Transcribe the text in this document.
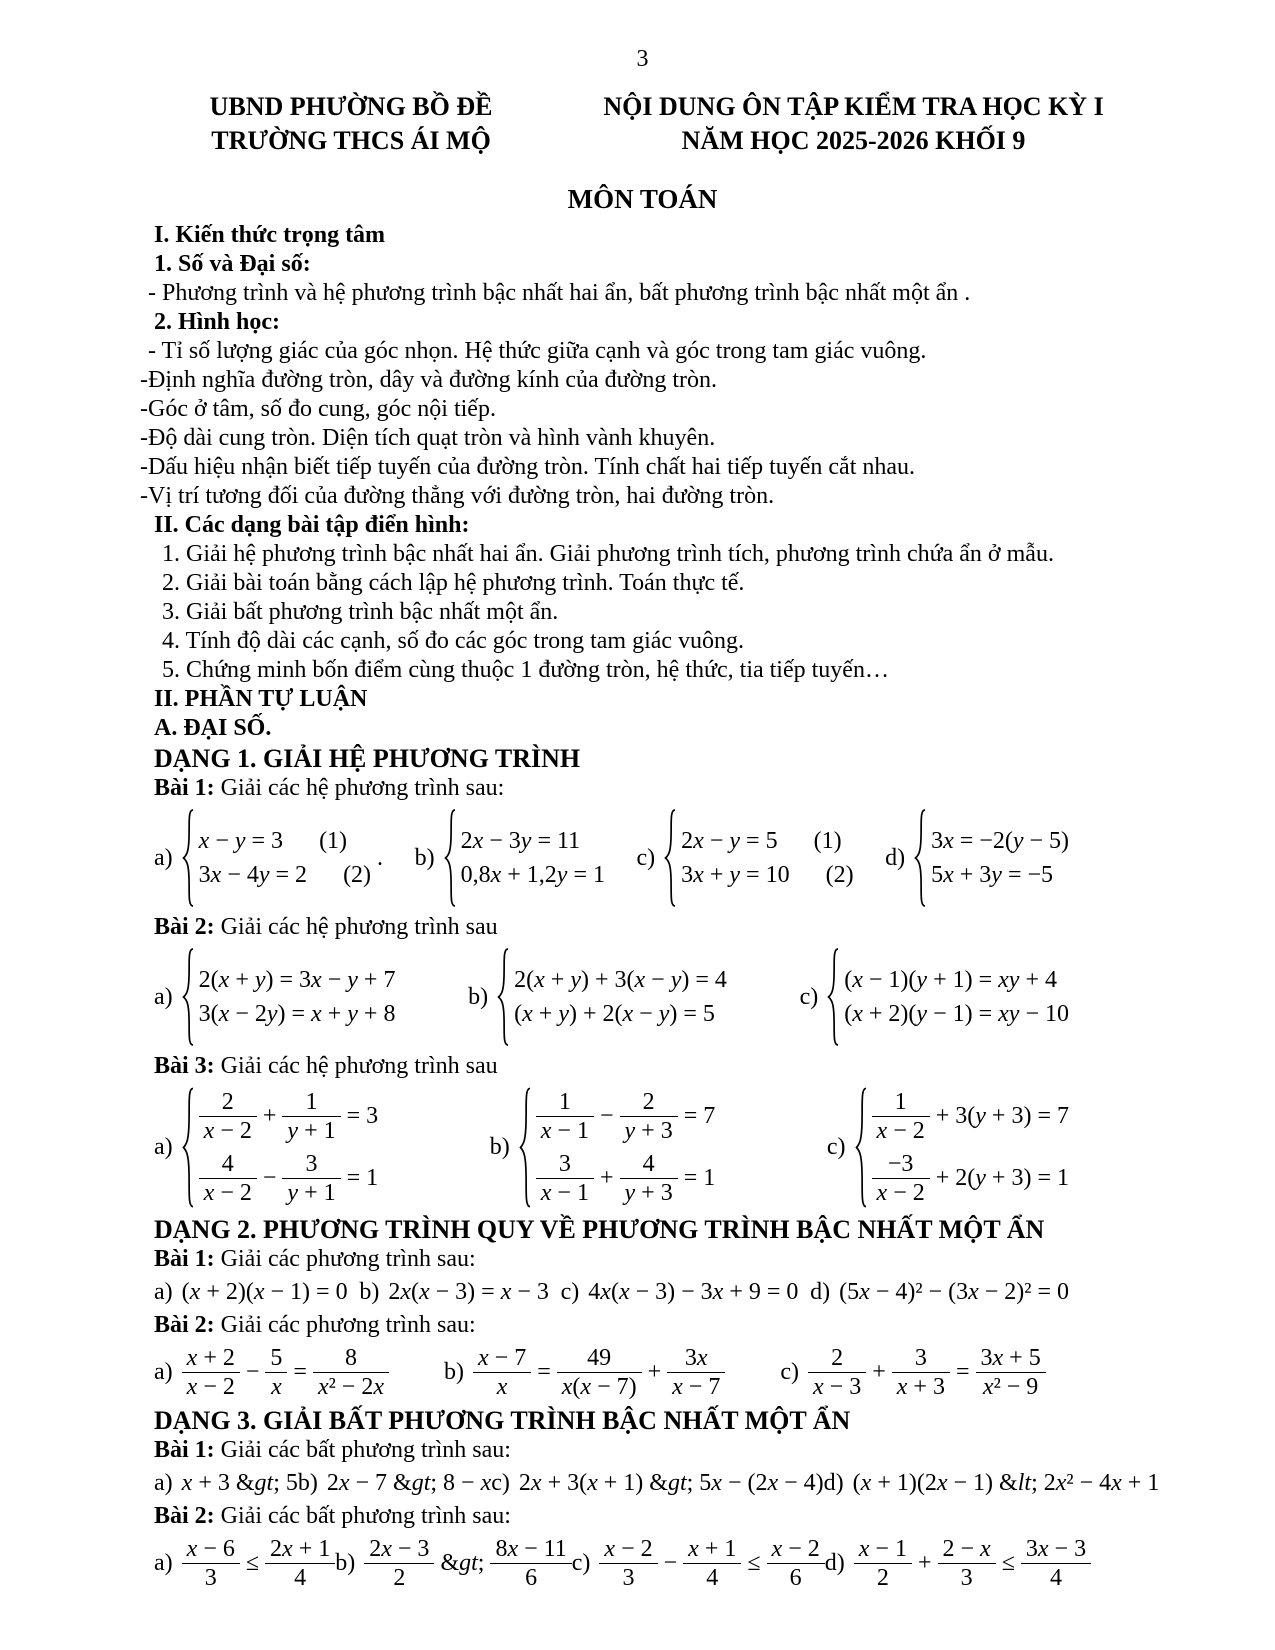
3
UBND PHƯỜNG BỒ ĐỀ
TRƯỜNG THCS ÁI MỘ
NỘI DUNG ÔN TẬP KIỂM TRA HỌC KỲ I
NĂM HỌC 2025-2026 KHỐI 9
MÔN TOÁN
I. Kiến thức trọng tâm
1. Số và Đại số:
- Phương trình và hệ phương trình bậc nhất hai ẩn, bất phương trình bậc nhất một ẩn .
2. Hình học:
- Tỉ số lượng giác của góc nhọn. Hệ thức giữa cạnh và góc trong tam giác vuông.
-Định nghĩa đường tròn, dây và đường kính của đường tròn.
-Góc ở tâm, số đo cung, góc nội tiếp.
-Độ dài cung tròn. Diện tích quạt tròn và hình vành khuyên.
-Dấu hiệu nhận biết tiếp tuyến của đường tròn. Tính chất hai tiếp tuyến cắt nhau.
-Vị trí tương đối của đường thẳng với đường tròn, hai đường tròn.
II. Các dạng bài tập điển hình:
1. Giải hệ phương trình bậc nhất hai ẩn. Giải phương trình tích, phương trình chứa ẩn ở mẫu.
2. Giải bài toán bằng cách lập hệ phương trình. Toán thực tế.
3. Giải bất phương trình bậc nhất một ẩn.
4. Tính độ dài các cạnh, số đo các góc trong tam giác vuông.
5. Chứng minh bốn điểm cùng thuộc 1 đường tròn, hệ thức, tia tiếp tuyến…
II. PHẦN TỰ LUẬN
A. ĐẠI SỐ.
DẠNG 1. GIẢI HỆ PHƯƠNG TRÌNH
Bài 1: Giải các hệ phương trình sau:
a)
x − y = 3 (1)
3x − 4y = 2 (2)
. b)
2x − 3y = 11
0,8x + 1,2y = 1
c)
2x − y = 5 (1)
3x + y = 10 (2)
d)
3x = −2(y − 5)
5x + 3y = −5
Bài 2: Giải các hệ phương trình sau
a)
2(x + y) = 3x − y + 7
3(x − 2y) = x + y + 8
b)
2(x + y) + 3(x − y) = 4
(x + y) + 2(x − y) = 5
c)
(x − 1)(y + 1) = xy + 4
(x + 2)(y − 1) = xy − 10
Bài 3: Giải các hệ phương trình sau
a)
$\frac{2}{x - 2} + \frac{1}{y + 1} = 3$
$\frac{4}{x - 2} - \frac{3}{y + 1} = 1$
b)
$\frac{1}{x - 1} - \frac{2}{y + 3} = 7$
$\frac{3}{x - 1} + \frac{4}{y + 3} = 1$
c)
$\frac{1}{x - 2} + 3(y + 3) = 7$
$\frac{-3}{x - 2} + 2(y + 3) = 1$
DẠNG 2. PHƯƠNG TRÌNH QUY VỀ PHƯƠNG TRÌNH BẬC NHẤT MỘT ẨN
Bài 1: Giải các phương trình sau:
a) (x + 2)(x − 1) = 0 b) 2x(x − 3) = x − 3 c) 4x(x − 3) − 3x + 9 = 0 d) (5x − 4)² − (3x − 2)² = 0
Bài 2: Giải các phương trình sau:
$a) \frac{x + 2}{x - 2} - \frac{5}{x} = \frac{8}{\text{x² − 2x}} b) \frac{x - 7}{x} = \frac{49}{x(x - 7)} + \frac{3x}{x - 7} c) \frac{2}{x - 3} + \frac{3}{x + 3} = \frac{3x + 5}{\text{x² − 9}}$
DẠNG 3. GIẢI BẤT PHƯƠNG TRÌNH BẬC NHẤT MỘT ẨN
Bài 1: Giải các bất phương trình sau:
a) x + 3 &gt; 5 b) 2x − 7 &gt; 8 − x c) 2x + 3(x + 1) &gt; 5x − (2x − 4) d) (x + 1)(2x − 1) &lt; 2x² − 4x + 1
Bài 2: Giải các bất phương trình sau:
$a) \frac{x - 6}{3} \le \frac{2x + 1}{4} b) \frac{2x - 3}{2}$ &gt; $\frac{8x - 11}{6} c) \frac{x - 2}{3} - \frac{x + 1}{4} \le \frac{x - 2}{6} d) \frac{x - 1}{2} + \frac{2 - x}{3} \le \frac{3x - 3}{4}$
